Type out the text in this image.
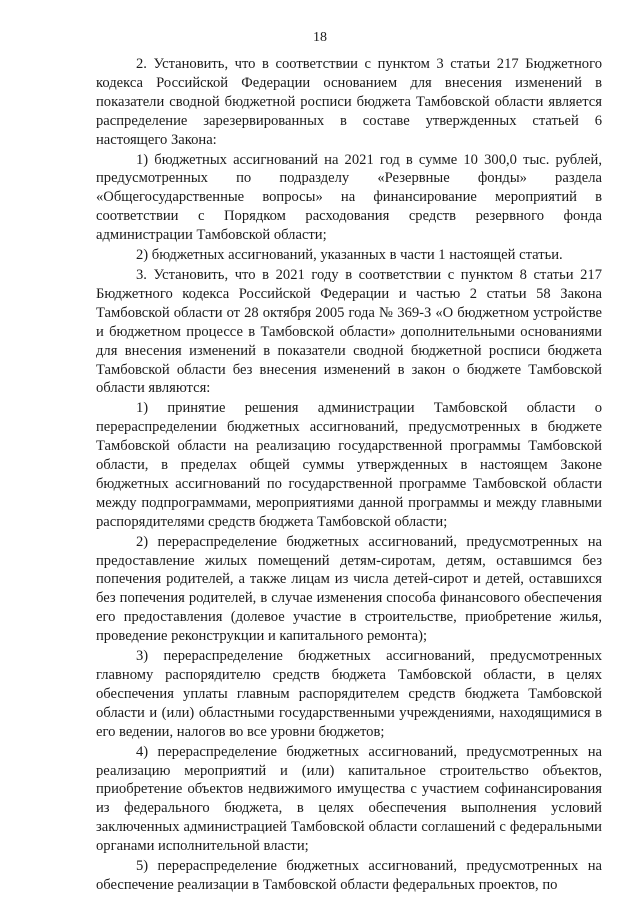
18

2. Установить, что в соответствии с пунктом 3 статьи 217 Бюджетного кодекса Российской Федерации основанием для внесения изменений в показатели сводной бюджетной росписи бюджета Тамбовской области является распределение зарезервированных в составе утвержденных статьей 6 настоящего Закона:

1) бюджетных ассигнований на 2021 год в сумме 10 300,0 тыс. рублей, предусмотренных по подразделу «Резервные фонды» раздела «Общегосударственные вопросы» на финансирование мероприятий в соответствии с Порядком расходования средств резервного фонда администрации Тамбовской области;

2) бюджетных ассигнований, указанных в части 1 настоящей статьи.

3. Установить, что в 2021 году в соответствии с пунктом 8 статьи 217 Бюджетного кодекса Российской Федерации и частью 2 статьи 58 Закона Тамбовской области от 28 октября 2005 года № 369-З «О бюджетном устройстве и бюджетном процессе в Тамбовской области» дополнительными основаниями для внесения изменений в показатели сводной бюджетной росписи бюджета Тамбовской области без внесения изменений в закон о бюджете Тамбовской области являются:

1) принятие решения администрации Тамбовской области о перераспределении бюджетных ассигнований, предусмотренных в бюджете Тамбовской области на реализацию государственной программы Тамбовской области, в пределах общей суммы утвержденных в настоящем Законе бюджетных ассигнований по государственной программе Тамбовской области между подпрограммами, мероприятиями данной программы и между главными распорядителями средств бюджета Тамбовской области;

2) перераспределение бюджетных ассигнований, предусмотренных на предоставление жилых помещений детям-сиротам, детям, оставшимся без попечения родителей, а также лицам из числа детей-сирот и детей, оставшихся без попечения родителей, в случае изменения способа финансового обеспечения его предоставления (долевое участие в строительстве, приобретение жилья, проведение реконструкции и капитального ремонта);

3) перераспределение бюджетных ассигнований, предусмотренных главному распорядителю средств бюджета Тамбовской области, в целях обеспечения уплаты главным распорядителем средств бюджета Тамбовской области и (или) областными государственными учреждениями, находящимися в его ведении, налогов во все уровни бюджетов;

4) перераспределение бюджетных ассигнований, предусмотренных на реализацию мероприятий и (или) капитальное строительство объектов, приобретение объектов недвижимого имущества с участием софинансирования из федерального бюджета, в целях обеспечения выполнения условий заключенных администрацией Тамбовской области соглашений с федеральными органами исполнительной власти;

5) перераспределение бюджетных ассигнований, предусмотренных на обеспечение реализации в Тамбовской области федеральных проектов, по
